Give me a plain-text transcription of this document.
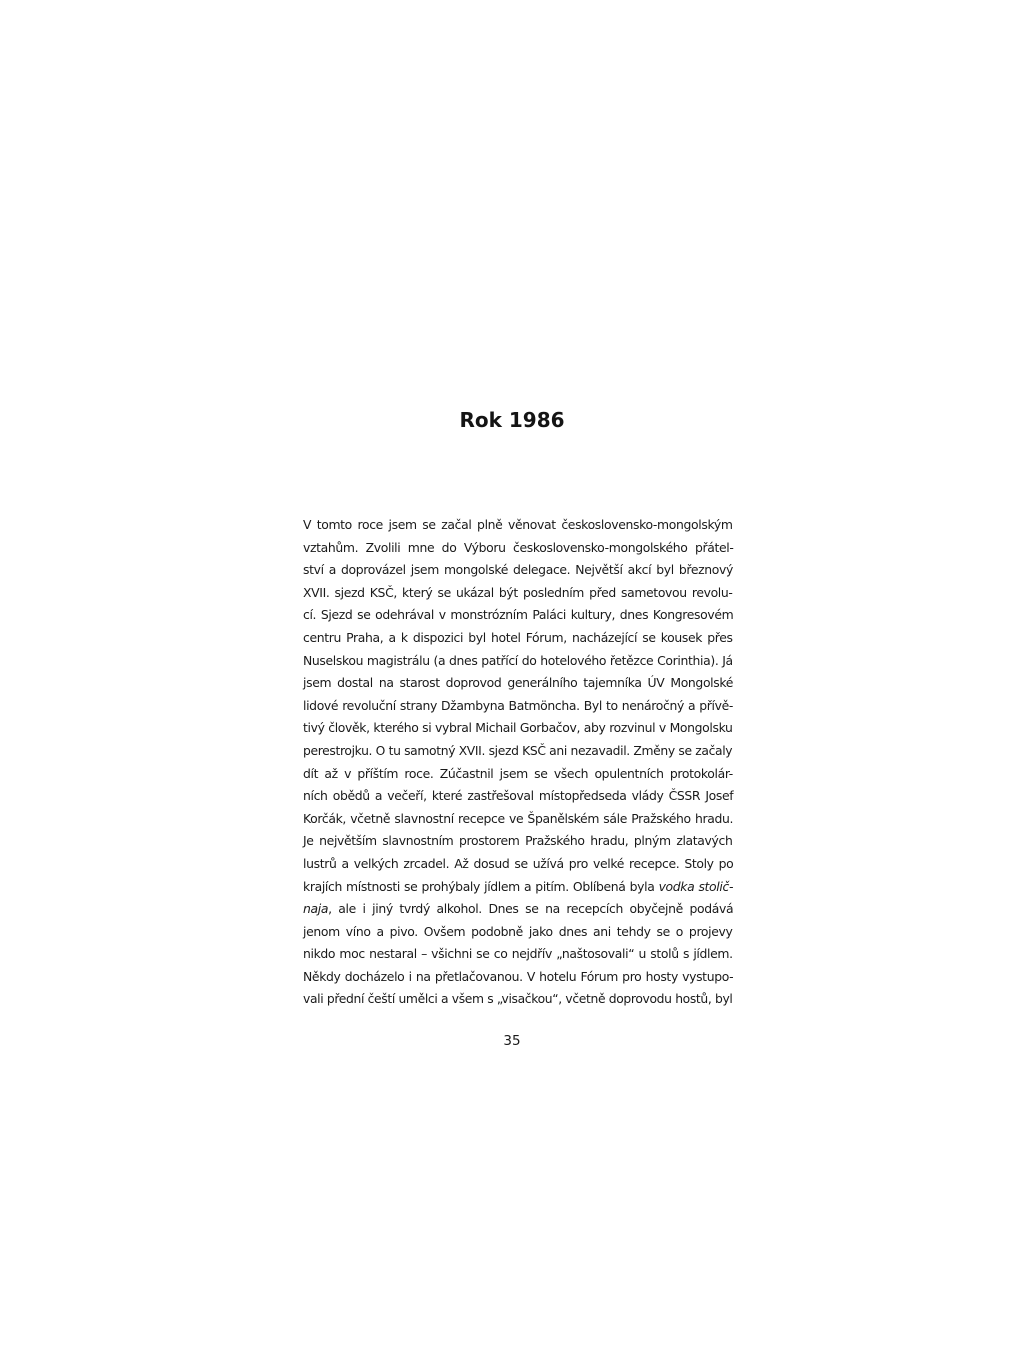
Rok 1986
V tomto roce jsem se začal plně věnovat československo-mongolským
vztahům. Zvolili mne do Výboru československo-mongolského přátel-
ství a doprovázel jsem mongolské delegace. Největší akcí byl březnový
XVII. sjezd KSČ, který se ukázal být posledním před sametovou revolu-
cí. Sjezd se odehrával v monstrózním Paláci kultury, dnes Kongresovém
centru Praha, a k dispozici byl hotel Fórum, nacházející se kousek přes
Nuselskou magistrálu (a dnes patřící do hotelového řetězce Corinthia). Já
jsem dostal na starost doprovod generálního tajemníka ÚV Mongolské
lidové revoluční strany Džambyna Batmöncha. Byl to nenáročný a přívě-
tivý člověk, kterého si vybral Michail Gorbačov, aby rozvinul v Mongolsku
perestrojku. O tu samotný XVII. sjezd KSČ ani nezavadil. Změny se začaly
dít až v příštím roce. Zúčastnil jsem se všech opulentních protokolár-
ních obědů a večeří, které zastřešoval místopředseda vlády ČSSR Josef
Korčák, včetně slavnostní recepce ve Španělském sále Pražského hradu.
Je největším slavnostním prostorem Pražského hradu, plným zlatavých
lustrů a velkých zrcadel. Až dosud se užívá pro velké recepce. Stoly po
krajích místnosti se prohýbaly jídlem a pitím. Oblíbená byla vodka stolič-
naja, ale i jiný tvrdý alkohol. Dnes se na recepcích obyčejně podává
jenom víno a pivo. Ovšem podobně jako dnes ani tehdy se o projevy
nikdo moc nestaral – všichni se co nejdřív „naštosovali“ u stolů s jídlem.
Někdy docházelo i na přetlačovanou. V hotelu Fórum pro hosty vystupo-
vali přední čeští umělci a všem s „visačkou“, včetně doprovodu hostů, byl
35
